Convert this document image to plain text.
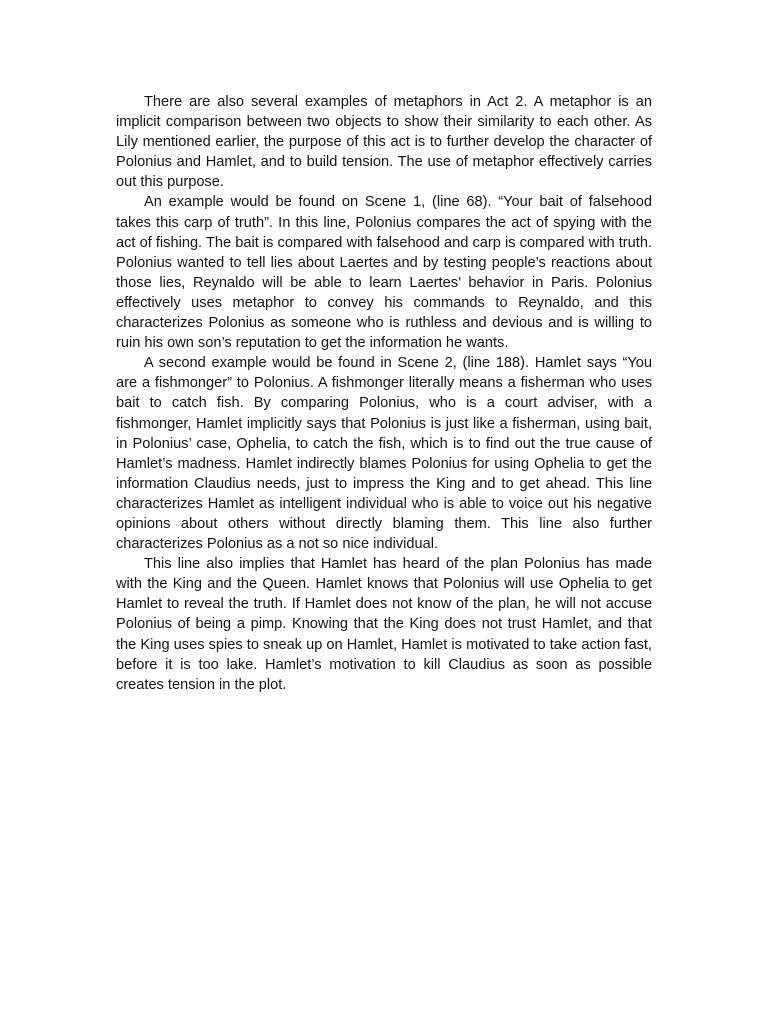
There are also several examples of metaphors in Act 2. A metaphor is an implicit comparison between two objects to show their similarity to each other. As Lily mentioned earlier, the purpose of this act is to further develop the character of Polonius and Hamlet, and to build tension. The use of metaphor effectively carries out this purpose.

An example would be found on Scene 1, (line 68). “Your bait of falsehood takes this carp of truth”. In this line, Polonius compares the act of spying with the act of fishing. The bait is compared with falsehood and carp is compared with truth. Polonius wanted to tell lies about Laertes and by testing people’s reactions about those lies, Reynaldo will be able to learn Laertes’ behavior in Paris. Polonius effectively uses metaphor to convey his commands to Reynaldo, and this characterizes Polonius as someone who is ruthless and devious and is willing to ruin his own son’s reputation to get the information he wants.

A second example would be found in Scene 2, (line 188). Hamlet says “You are a fishmonger” to Polonius. A fishmonger literally means a fisherman who uses bait to catch fish. By comparing Polonius, who is a court adviser, with a fishmonger, Hamlet implicitly says that Polonius is just like a fisherman, using bait, in Polonius’ case, Ophelia, to catch the fish, which is to find out the true cause of Hamlet’s madness. Hamlet indirectly blames Polonius for using Ophelia to get the information Claudius needs, just to impress the King and to get ahead. This line characterizes Hamlet as intelligent individual who is able to voice out his negative opinions about others without directly blaming them. This line also further characterizes Polonius as a not so nice individual.

This line also implies that Hamlet has heard of the plan Polonius has made with the King and the Queen. Hamlet knows that Polonius will use Ophelia to get Hamlet to reveal the truth. If Hamlet does not know of the plan, he will not accuse Polonius of being a pimp. Knowing that the King does not trust Hamlet, and that the King uses spies to sneak up on Hamlet, Hamlet is motivated to take action fast, before it is too lake. Hamlet’s motivation to kill Claudius as soon as possible creates tension in the plot.
